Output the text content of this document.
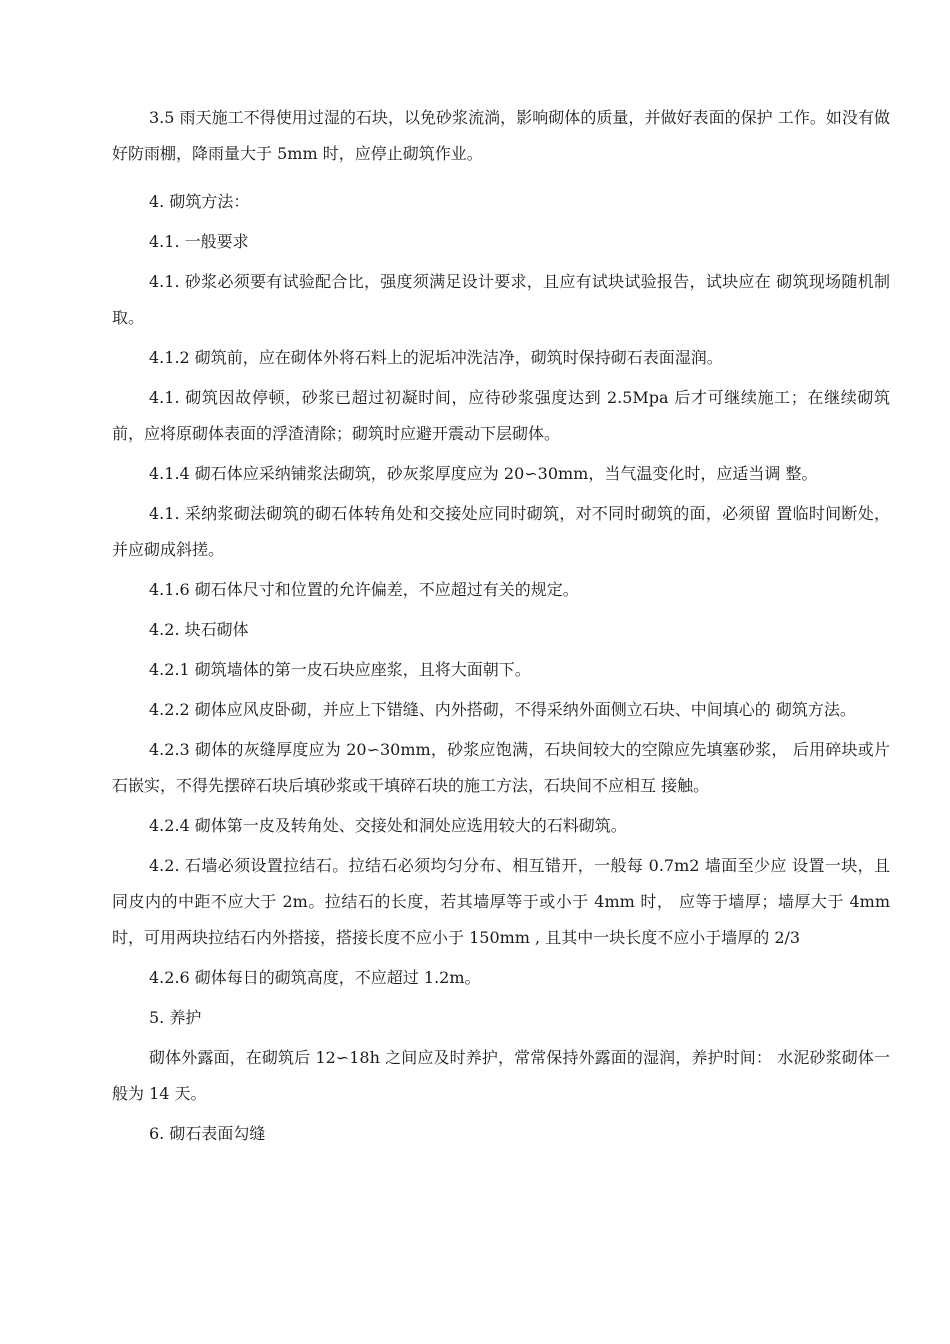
3.5 雨天施工不得使用过湿的石块，以免砂浆流淌，影响砌体的质量，并做好表面的保护 工作。如没有做好防雨棚，降雨量大于 5mm 时，应停止砌筑作业。

4. 砌筑方法：

4.1. 一般要求

4.1. 砂浆必须要有试验配合比，强度须满足设计要求，且应有试块试验报告，试块应在 砌筑现场随机制取。

4.1.2 砌筑前，应在砌体外将石料上的泥垢冲洗洁净，砌筑时保持砌石表面湿润。

4.1. 砌筑因故停顿，砂浆已超过初凝时间，应待砂浆强度达到 2.5Mpa 后才可继续施工；在继续砌筑前，应将原砌体表面的浮渣清除；砌筑时应避开震动下层砌体。

4.1.4 砌石体应采纳铺浆法砌筑，砂灰浆厚度应为 20∽30mm，当气温变化时，应适当调 整。

4.1. 采纳浆砌法砌筑的砌石体转角处和交接处应同时砌筑，对不同时砌筑的面，必须留 置临时间断处，并应砌成斜搓。

4.1.6 砌石体尺寸和位置的允许偏差，不应超过有关的规定。

4.2. 块石砌体

4.2.1 砌筑墙体的第一皮石块应座浆，且将大面朝下。

4.2.2 砌体应风皮卧砌，并应上下错缝、内外搭砌，不得采纳外面侧立石块、中间填心的 砌筑方法。

4.2.3 砌体的灰缝厚度应为 20∽30mm，砂浆应饱满，石块间较大的空隙应先填塞砂浆， 后用碎块或片石嵌实，不得先摆碎石块后填砂浆或干填碎石块的施工方法，石块间不应相互 接触。

4.2.4 砌体第一皮及转角处、交接处和洞处应选用较大的石料砌筑。

4.2. 石墙必须设置拉结石。拉结石必须均匀分布、相互错开，一般每 0.7m2 墙面至少应 设置一块，且同皮内的中距不应大于 2m。拉结石的长度，若其墙厚等于或小于 4mm 时， 应等于墙厚；墙厚大于 4mm 时，可用两块拉结石内外搭接，搭接长度不应小于 150mm , 且其中一块长度不应小于墙厚的 2/3

4.2.6 砌体每日的砌筑高度，不应超过 1.2m。

5. 养护

砌体外露面，在砌筑后 12∽18h 之间应及时养护，常常保持外露面的湿润，养护时间： 水泥砂浆砌体一般为 14 天。

6. 砌石表面勾缝
